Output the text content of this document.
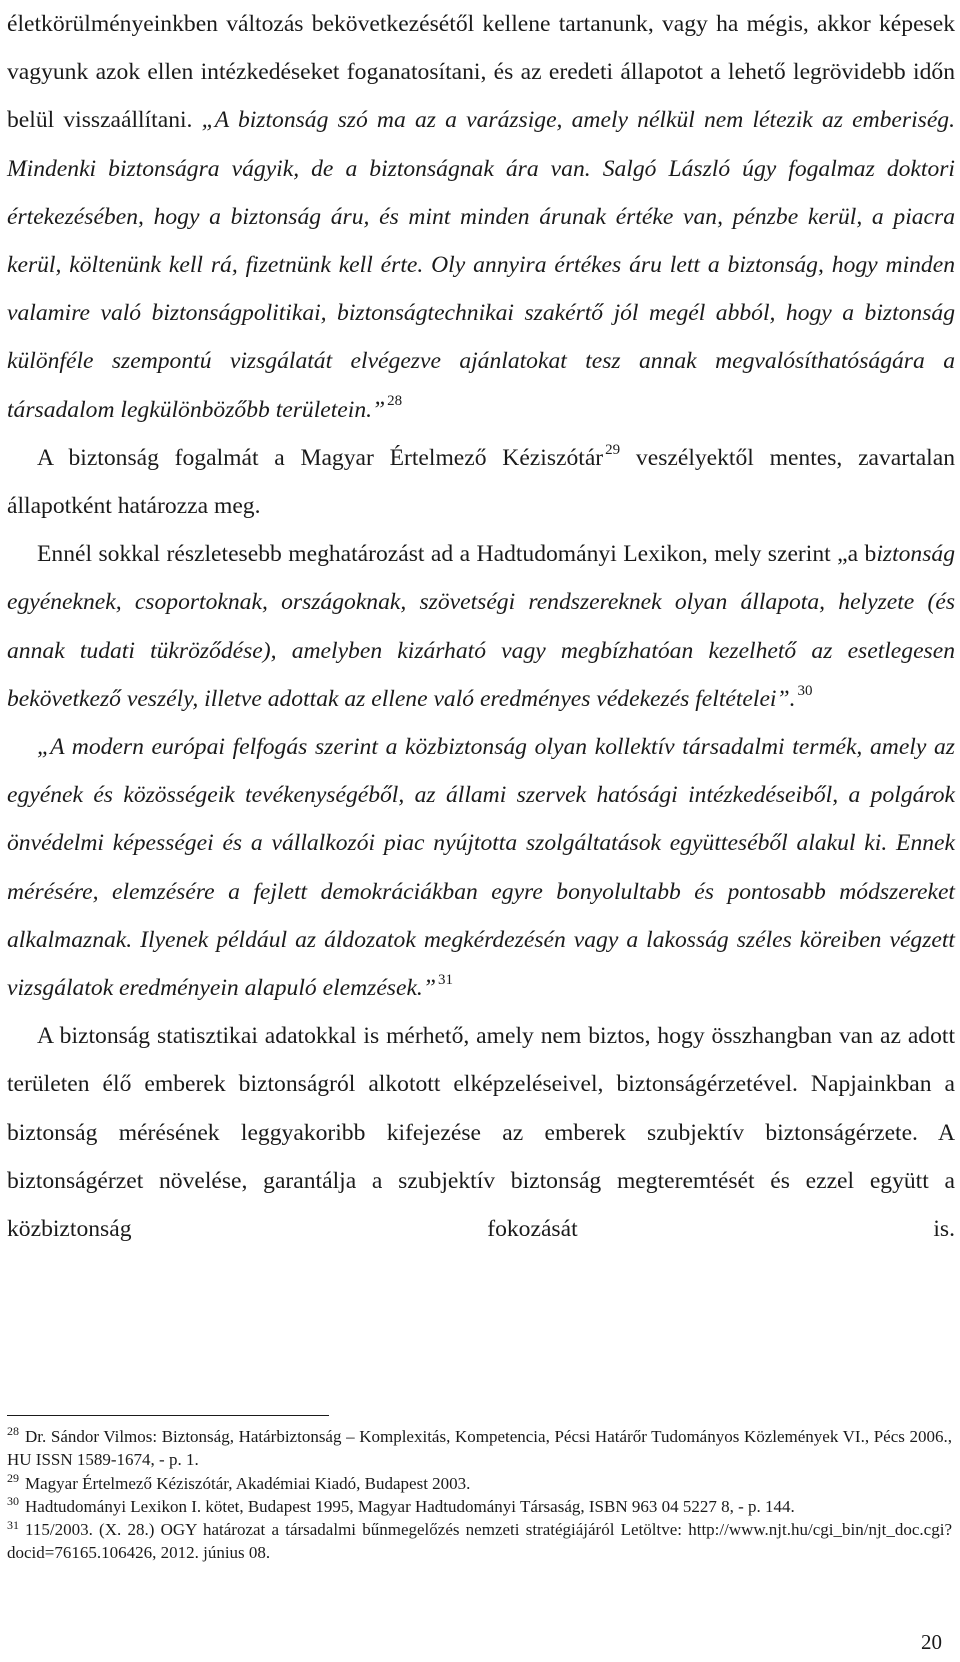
életkörülményeinkben változás bekövetkezésétől kellene tartanunk, vagy ha mégis, akkor képesek vagyunk azok ellen intézkedéseket foganatosítani, és az eredeti állapotot a lehető legrövidebb időn belül visszaállítani. „A biztonság szó ma az a varázsige, amely nélkül nem létezik az emberiség. Mindenki biztonságra vágyik, de a biztonságnak ára van. Salgó László úgy fogalmaz doktori értekezésében, hogy a biztonság áru, és mint minden árunak értéke van, pénzbe kerül, a piacra kerül, költenünk kell rá, fizetnünk kell érte. Oly annyira értékes áru lett a biztonság, hogy minden valamire való biztonságpolitikai, biztonságtechnikai szakértő jól megél abból, hogy a biztonság különféle szempontú vizsgálatát elvégezve ajánlatokat tesz annak megvalósíthatóságára a társadalom legkülönbözőbb területein.” $^{28}$

A biztonság fogalmát a Magyar Értelmező Kéziszótár $^{29}$ veszélyektől mentes, zavartalan állapotként határozza meg.

Ennél sokkal részletesebb meghatározást ad a Hadtudományi Lexikon, mely szerint „a biztonság egyéneknek, csoportoknak, országoknak, szövetségi rendszereknek olyan állapota, helyzete (és annak tudati tükröződése), amelyben kizárható vagy megbízhatóan kezelhető az esetlegesen bekövetkező veszély, illetve adottak az ellene való eredményes védekezés feltételei”. $^{30}$

„A modern európai felfogás szerint a közbiztonság olyan kollektív társadalmi termék, amely az egyének és közösségeik tevékenységéből, az állami szervek hatósági intézkedéseiből, a polgárok önvédelmi képességei és a vállalkozói piac nyújtotta szolgáltatások együtteséből alakul ki. Ennek mérésére, elemzésére a fejlett demokráciákban egyre bonyolultabb és pontosabb módszereket alkalmaznak. Ilyenek például az áldozatok megkérdezésén vagy a lakosság széles köreiben végzett vizsgálatok eredményein alapuló elemzések.” $^{31}$

A biztonság statisztikai adatokkal is mérhető, amely nem biztos, hogy összhangban van az adott területen élő emberek biztonságról alkotott elképzeléseivel, biztonságérzetével. Napjainkban a biztonság mérésének leggyakoribb kifejezése az emberek szubjektív biztonságérzete. A biztonságérzet növelése, garantálja a szubjektív biztonság megteremtését és ezzel együtt a közbiztonság fokozását is.

$^{28}$ Dr. Sándor Vilmos: Biztonság, Határbiztonság – Komplexitás, Kompetencia, Pécsi Határőr Tudományos Közlemények VI., Pécs 2006., HU ISSN 1589-1674, - p. 1.

$^{29}$ Magyar Értelmező Kéziszótár, Akadémiai Kiadó, Budapest 2003.

$^{30}$ Hadtudományi Lexikon I. kötet, Budapest 1995, Magyar Hadtudományi Társaság, ISBN 963 04 5227 8, - p. 144.

$^{31}$ 115/2003. (X. 28.) OGY határozat a társadalmi bűnmegelőzés nemzeti stratégiájáról Letöltve: http://www.njt.hu/cgi_bin/njt_doc.cgi?docid=76165.106426, 2012. június 08.

20
